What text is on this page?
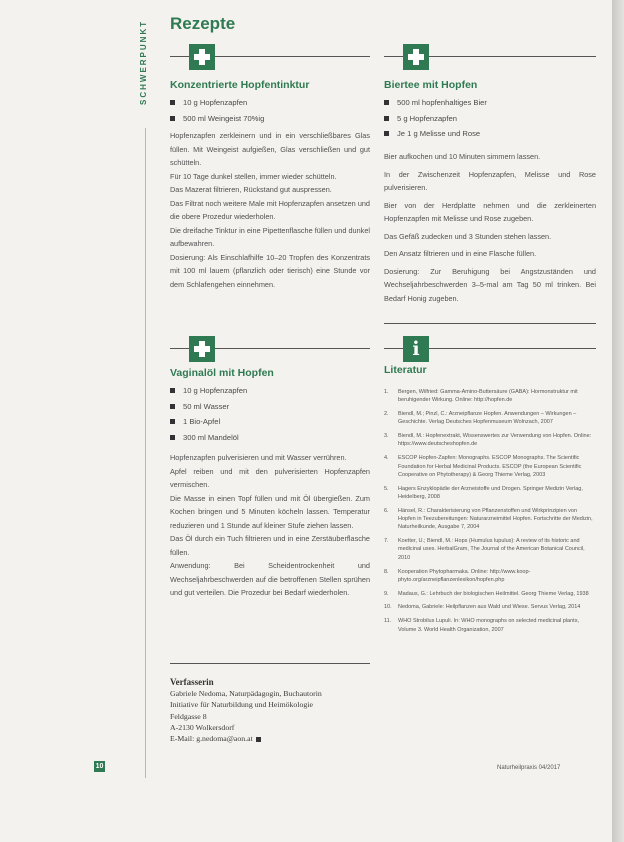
SCHWERPUNKT Rezepte
Konzentrierte Hopfentinktur
10 g Hopfenzapfen
500 ml Weingeist 70%ig

Hopfenzapfen zerkleinern und in ein verschließbares Glas füllen. Mit Weingeist aufgießen, Glas verschließen und gut schütteln.

Für 10 Tage dunkel stellen, immer wieder schütteln.

Das Mazerat filtrieren, Rückstand gut auspressen.

Das Filtrat noch weitere Male mit Hopfenzapfen ansetzen und die obere Prozedur wiederholen.

Die dreifache Tinktur in eine Pipettenflasche füllen und dunkel aufbewahren.

Dosierung: Als Einschlafhilfe 10–20 Tropfen des Konzentrats mit 100 ml lauem (pflanzlich oder tierisch) eine Stunde vor dem Schlafengehen einnehmen.

Biertee mit Hopfen
500 ml hopfenhaltiges Bier
5 g Hopfenzapfen
Je 1 g Melisse und Rose

Bier aufkochen und 10 Minuten simmern lassen.

In der Zwischenzeit Hopfenzapfen, Melisse und Rose pulverisieren.

Bier von der Herdplatte nehmen und die zerkleinerten Hopfenzapfen mit Melisse und Rose zugeben.

Das Gefäß zudecken und 3 Stunden stehen lassen.

Den Ansatz filtrieren und in eine Flasche füllen.

Dosierung: Zur Beruhigung bei Angstzuständen und Wechseljahrbeschwerden 3–5-mal am Tag 50 ml trinken. Bei Bedarf Honig zugeben.

Vaginalöl mit Hopfen
10 g Hopfenzapfen
50 ml Wasser
1 Bio-Apfel
300 ml Mandelöl

Hopfenzapfen pulverisieren und mit Wasser verrühren.

Apfel reiben und mit den pulverisierten Hopfenzapfen vermischen.

Die Masse in einen Topf füllen und mit Öl übergießen. Zum Kochen bringen und 5 Minuten köcheln lassen. Temperatur reduzieren und 1 Stunde auf kleiner Stufe ziehen lassen.

Das Öl durch ein Tuch filtrieren und in eine Zerstäuberflasche füllen.

Anwendung: Bei Scheidentrockenheit und Wechseljahrbeschwerden auf die betroffenen Stellen sprühen und gut verteilen. Die Prozedur bei Bedarf wiederholen.

Verfasserin
Gabriele Nedoma, Naturpädagogin, Buchautorin
Initiative für Naturbildung und Heimökologie
Feldgasse 8
A-2130 Wolkersdorf
E-Mail: g.nedoma@aon.at
i
Literatur
1. Bergen, Wilfried: Gamma-Amino-Buttersäure (GABA): Hormonstruktur mit beruhigender Wirkung. Online: http://hopfen.de
2. Biendl, M.; Pinzl, C.: Arzneipflanze Hopfen. Anwendungen – Wirkungen – Geschichte. Verlag Deutsches Hopfenmuseum Wolnzach, 2007
3. Biendl, M.: Hopfenextrakt, Wissenswertes zur Verwendung von Hopfen. Online: https://www.deutscheshopfen.de
4. ESCOP Hopfen-Zapfen: Monographs. ESCOP Monographs. The Scientific Foundation for Herbal Medicinal Products. ESCOP (the European Scientific Cooperative on Phytotherapy) & Georg Thieme Verlag, 2003
5. Hagers Enzyklopädie der Arzneistoffe und Drogen. Springer Medizin Verlag, Heidelberg, 2008
6. Hänsel, R.: Charakterisierung von Pflanzenstoffen und Wirkprinzipien von Hopfen in Teezubereitungen: Naturarzneimittel Hopfen. Fortschritte der Medizin, Naturheilkunde, Ausgabe 7, 2004
7. Koetter, U.; Biendl, M.: Hops (Humulus lupulus): A review of its historic and medicinal uses. HerbalGram, The Journal of the American Botanical Council, 2010
8. Kooperation Phytopharmaka. Online: http://www.koop-phyto.org/arzneipflanzenlexikon/hopfen.php
9. Madaus, G.: Lehrbuch der biologischen Heilmittel. Georg Thieme Verlag, 1938
10. Nedoma, Gabriele: Heilpflanzen aus Wald und Wiese. Servus Verlag, 2014
11. WHO Strobilus Lupuli. In: WHO monographs on selected medicinal plants, Volume 3. World Health Organization, 2007
10	Naturheilpraxis 04/2017
